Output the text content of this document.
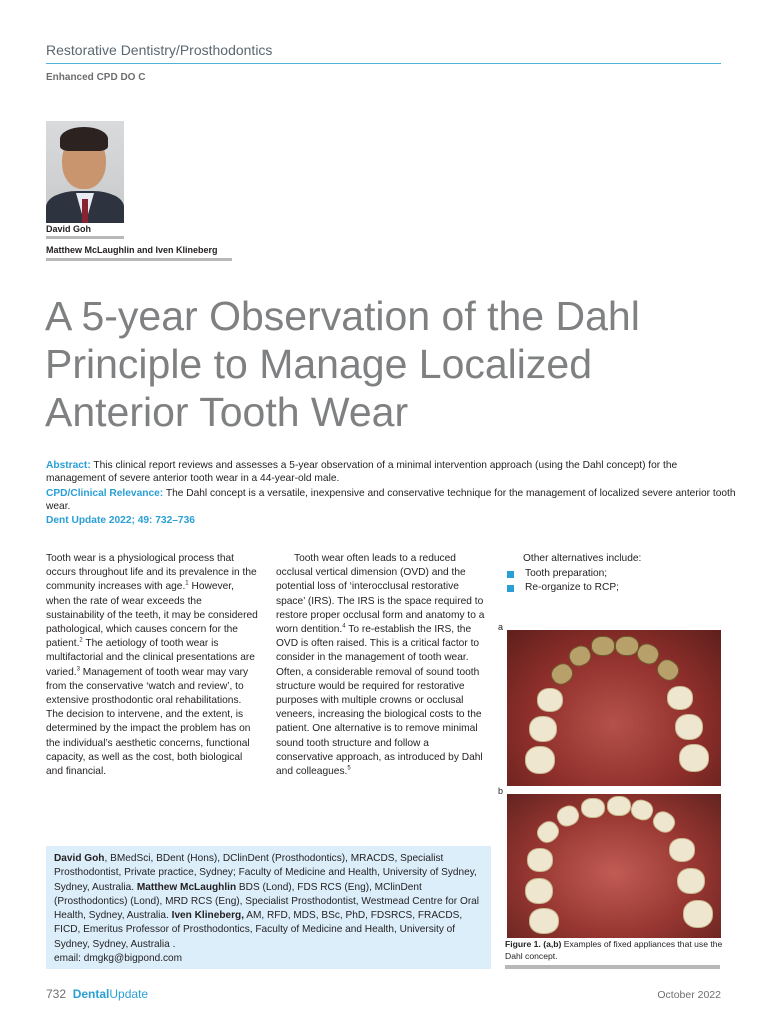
Restorative Dentistry/Prosthodontics
Enhanced CPD DO C
David Goh
Matthew McLaughlin and Iven Klineberg
A 5-year Observation of the Dahl Principle to Manage Localized Anterior Tooth Wear

Abstract: This clinical report reviews and assesses a 5-year observation of a minimal intervention approach (using the Dahl concept) for the management of severe anterior tooth wear in a 44-year-old male.

CPD/Clinical Relevance: The Dahl concept is a versatile, inexpensive and conservative technique for the management of localized severe anterior tooth wear.

Dent Update 2022; 49: 732–736

Tooth wear is a physiological process that occurs throughout life and its prevalence in the community increases with age.$^1$ However, when the rate of wear exceeds the sustainability of the teeth, it may be considered pathological, which causes concern for the patient.$^2$ The aetiology of tooth wear is multifactorial and the clinical presentations are varied.$^3$ Management of tooth wear may vary from the conservative ‘watch and review’, to extensive prosthodontic oral rehabilitations. The decision to intervene, and the extent, is determined by the impact the problem has on the individual’s aesthetic concerns, functional capacity, as well as the cost, both biological and financial.

Tooth wear often leads to a reduced occlusal vertical dimension (OVD) and the potential loss of ‘interocclusal restorative space’ (IRS). The IRS is the space required to restore proper occlusal form and anatomy to a worn dentition.$^4$ To re-establish the IRS, the OVD is often raised. This is a critical factor to consider in the management of tooth wear. Often, a considerable removal of sound tooth structure would be required for restorative purposes with multiple crowns or occlusal veneers, increasing the biological costs to the patient. One alternative is to remove minimal sound tooth structure and follow a conservative approach, as introduced by Dahl and colleagues.$^5$

Other alternatives include:

Tooth preparation;
Re-organize to RCP;
a
b
Figure 1. (a,b) Examples of fixed appliances that use the Dahl concept.
David Goh, BMedSci, BDent (Hons), DClinDent (Prosthodontics), MRACDS, Specialist Prosthodontist, Private practice, Sydney; Faculty of Medicine and Health, University of Sydney, Sydney, Australia. Matthew McLaughlin BDS (Lond), FDS RCS (Eng), MClinDent (Prosthodontics) (Lond), MRD RCS (Eng), Specialist Prosthodontist, Westmead Centre for Oral Health, Sydney, Australia. Iven Klineberg, AM, RFD, MDS, BSc, PhD, FDSRCS, FRACDS, FICD, Emeritus Professor of Prosthodontics, Faculty of Medicine and Health, University of Sydney, Sydney, Australia .
email: dmgkg@bigpond.com
732 DentalUpdate	October 2022
